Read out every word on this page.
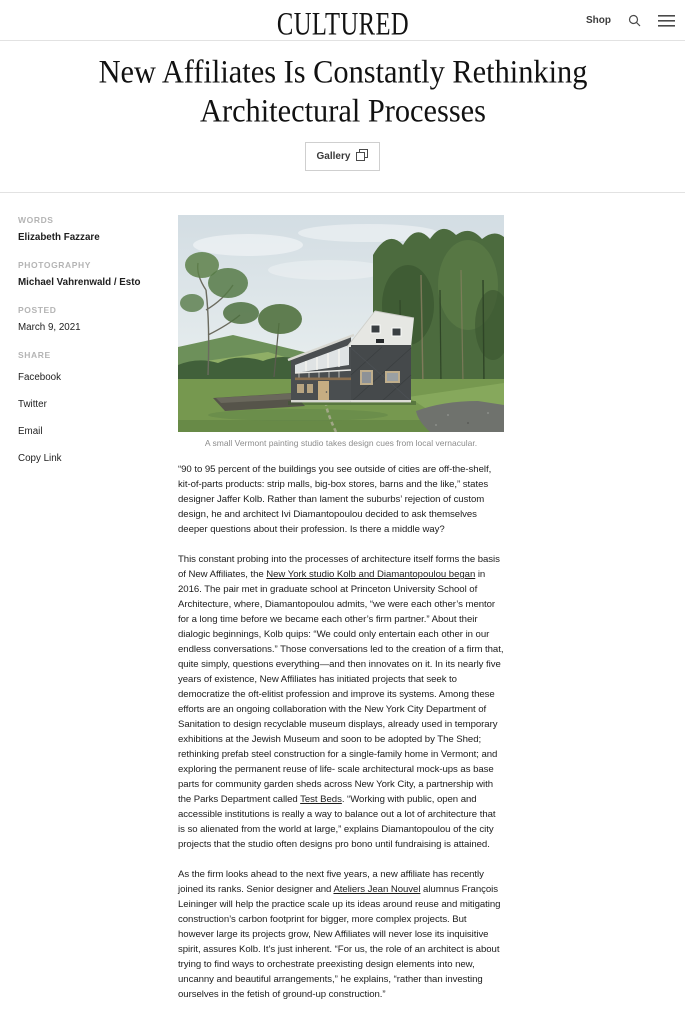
CULTURED	Shop
New Affiliates Is Constantly Rethinking Architectural Processes
Gallery
WORDS
Elizabeth Fazzare
PHOTOGRAPHY
Michael Vahrenwald / Esto
POSTED
March 9, 2021
SHARE
Facebook
Twitter
Email
Copy Link
A small Vermont painting studio takes design cues from local vernacular.

“90 to 95 percent of the buildings you see outside of cities are off-the-shelf, kit-of-parts products: strip malls, big-box stores, barns and the like,” states designer Jaffer Kolb. Rather than lament the suburbs’ rejection of custom design, he and architect Ivi Diamantopoulou decided to ask themselves deeper questions about their profession. Is there a middle way?

This constant probing into the processes of architecture itself forms the basis of New Affiliates, the New York studio Kolb and Diamantopoulou began in 2016. The pair met in graduate school at Princeton University School of Architecture, where, Diamantopoulou admits, “we were each other’s mentor for a long time before we became each other’s firm partner.” About their dialogic beginnings, Kolb quips: “We could only entertain each other in our endless conversations.” Those conversations led to the creation of a firm that, quite simply, questions everything—and then innovates on it. In its nearly five years of existence, New Affiliates has initiated projects that seek to democratize the oft-elitist profession and improve its systems. Among these efforts are an ongoing collaboration with the New York City Department of Sanitation to design recyclable museum displays, already used in temporary exhibitions at the Jewish Museum and soon to be adopted by The Shed; rethinking prefab steel construction for a single-family home in Vermont; and exploring the permanent reuse of life- scale architectural mock-ups as base parts for community garden sheds across New York City, a partnership with the Parks Department called Test Beds. “Working with public, open and accessible institutions is really a way to balance out a lot of architecture that is so alienated from the world at large,” explains Diamantopoulou of the city projects that the studio often designs pro bono until fundraising is attained.

As the firm looks ahead to the next five years, a new affiliate has recently joined its ranks. Senior designer and Ateliers Jean Nouvel alumnus François Leininger will help the practice scale up its ideas around reuse and mitigating construction’s carbon footprint for bigger, more complex projects. But however large its projects grow, New Affiliates will never lose its inquisitive spirit, assures Kolb. It’s just inherent. “For us, the role of an architect is about trying to find ways to orchestrate preexisting design elements into new, uncanny and beautiful arrangements,” he explains, “rather than investing ourselves in the fetish of ground-up construction.”
